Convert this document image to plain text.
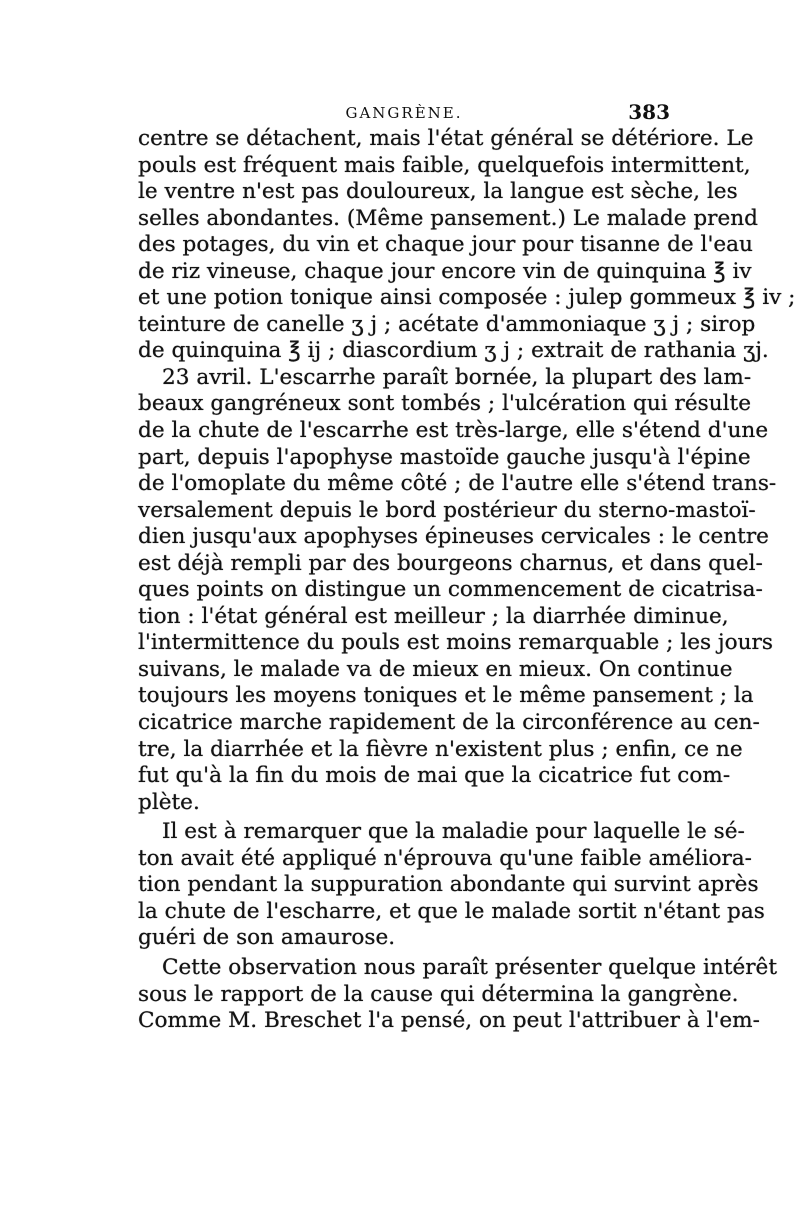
GANGRÈNE.	383

centre se détachent, mais l'état général se détériore. Le
pouls est fréquent mais faible, quelquefois intermittent,
le ventre n'est pas douloureux, la langue est sèche, les
selles abondantes. (Même pansement.) Le malade prend
des potages, du vin et chaque jour pour tisanne de l'eau
de riz vineuse, chaque jour encore vin de quinquina ℥ iv
et une potion tonique ainsi composée : julep gommeux ℥ iv ;
teinture de canelle ʒ j ; acétate d'ammoniaque ʒ j ; sirop
de quinquina ℥ ij ; diascordium ʒ j ; extrait de rathania ʒj.

23 avril. L'escarrhe paraît bornée, la plupart des lam-
beaux gangréneux sont tombés ; l'ulcération qui résulte
de la chute de l'escarrhe est très-large, elle s'étend d'une
part, depuis l'apophyse mastoïde gauche jusqu'à l'épine
de l'omoplate du même côté ; de l'autre elle s'étend trans-
versalement depuis le bord postérieur du sterno-mastoï-
dien jusqu'aux apophyses épineuses cervicales : le centre
est déjà rempli par des bourgeons charnus, et dans quel-
ques points on distingue un commencement de cicatrisa-
tion : l'état général est meilleur ; la diarrhée diminue,
l'intermittence du pouls est moins remarquable ; les jours
suivans, le malade va de mieux en mieux. On continue
toujours les moyens toniques et le même pansement ; la
cicatrice marche rapidement de la circonférence au cen-
tre, la diarrhée et la fièvre n'existent plus ; enfin, ce ne
fut qu'à la fin du mois de mai que la cicatrice fut com-
plète.

Il est à remarquer que la maladie pour laquelle le sé-
ton avait été appliqué n'éprouva qu'une faible améliora-
tion pendant la suppuration abondante qui survint après
la chute de l'escharre, et que le malade sortit n'étant pas
guéri de son amaurose.

Cette observation nous paraît présenter quelque intérêt
sous le rapport de la cause qui détermina la gangrène.
Comme M. Breschet l'a pensé, on peut l'attribuer à l'em-
